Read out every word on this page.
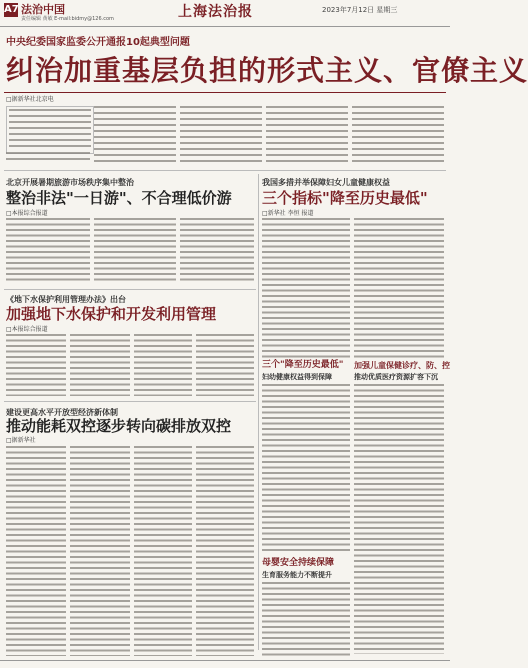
A7 法治中国
责任编辑 黄敏 E-mail:bidmy@126.com	上海法治报	2023年7月12日 星期三
中央纪委国家监委公开通报10起典型问题
纠治加重基层负担的形式主义、官僚主义
□据新华社北京电
北京开展暑期旅游市场秩序集中整治
整治非法"一日游"、不合理低价游
□本报综合报道
《地下水保护利用管理办法》出台
加强地下水保护和开发利用管理
□本报综合报道
建设更高水平开放型经济新体制
推动能耗双控逐步转向碳排放双控
□据新华社
我国多措并举保障妇女儿童健康权益
三个指标"降至历史最低"
□新华社 李恒 报道
三个"降至历史最低"
妇幼健康权益得到保障
加强儿童保健诊疗、防、控
推动优质医疗资源扩容下沉
母婴安全持续保障
生育服务能力不断提升
